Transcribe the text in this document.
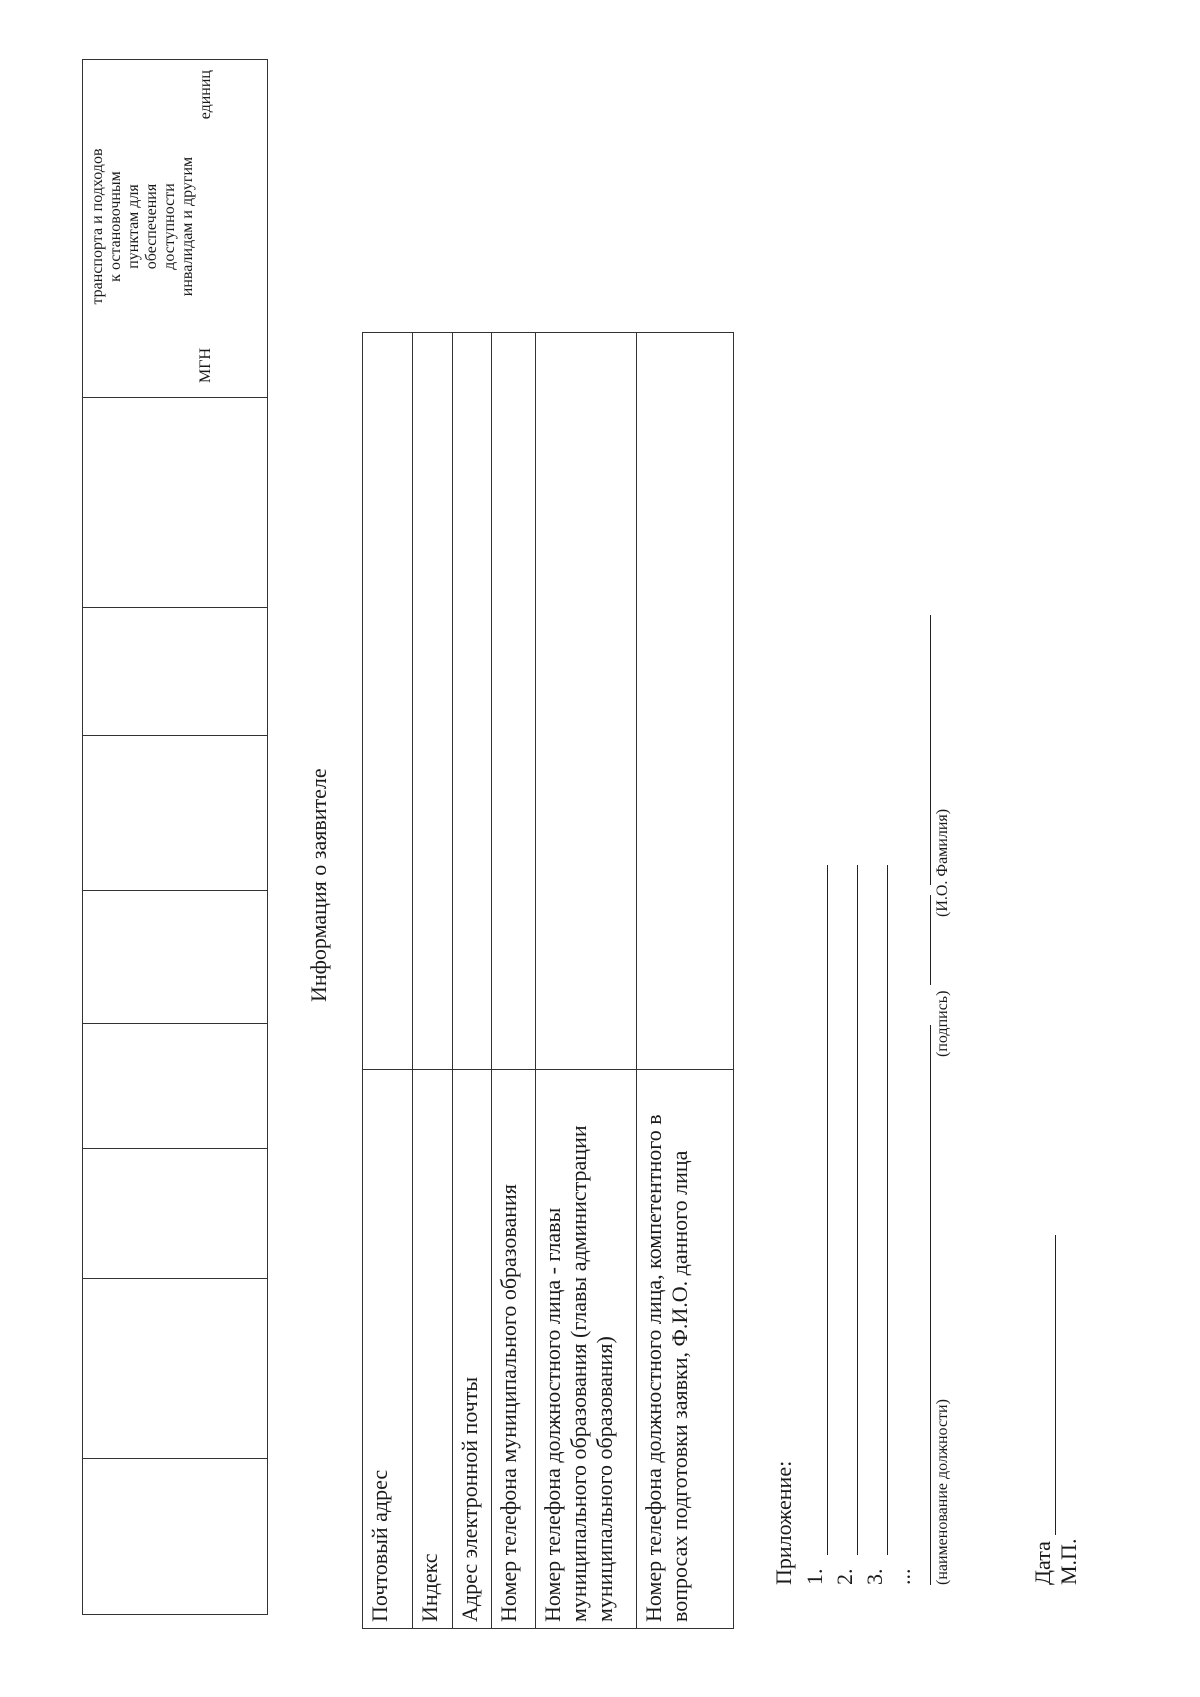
транспорта и подходов к остановочным пунктам для обеспечения доступности инвалидам и другим
МГН
единиц
Информация о заявителе
Почтовый адрес Индекс Адрес электронной почты Номер телефона муниципального образования Номер телефона должностного лица - главы муниципального образования (главы администрации муниципального образования) Номер телефона должностного лица, компетентного в вопросах подготовки заявки, Ф.И.О. данного лица	Приложение: 1. 2. 3. ... (наименование должности)
(подпись)
(И.О. Фамилия)
Дата М.П.
